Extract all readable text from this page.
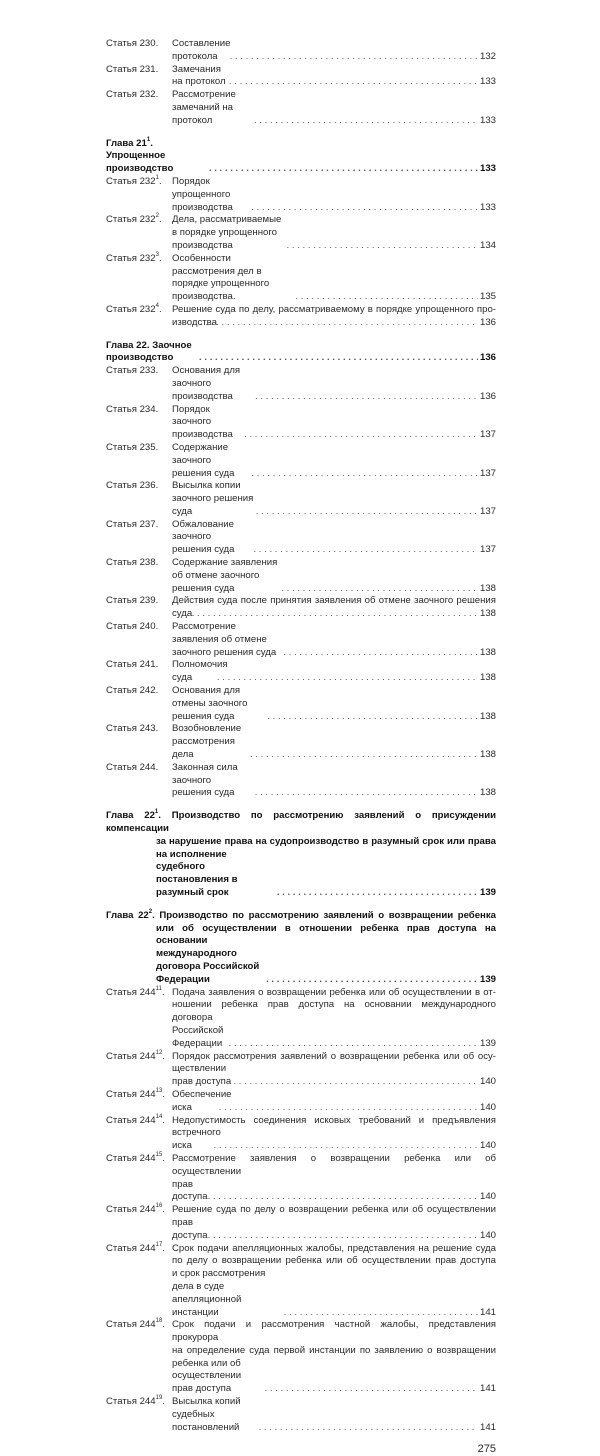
Статья 230.	Составление протокола . . .	132
Статья 231.	Замечания на протокол . . .	133
Статья 232.	Рассмотрение замечаний на протокол . . .	133
Глава $21^1$. Упрощенное производство . . .	133
Статья $232^1$.	Порядок упрощенного производства . . .	133
Статья $232^2$.	Дела, рассматриваемые в порядке упрощенного производства . . .	134
Статья $232^3$.	Особенности рассмотрения дел в порядке упрощенного производства. . . .	135
Статья $232^4$.	Решение суда по делу, рассматриваемому в порядке упрощенного про-
изводства . . .	136
Глава 22. Заочное производство . . .	136
Статья 233.	Основания для заочного производства . . .	136
Статья 234.	Порядок заочного производства . . .	137
Статья 235.	Содержание заочного решения суда . . .	137
Статья 236.	Высылка копии заочного решения суда . . .	137
Статья 237.	Обжалование заочного решения суда . . .	137
Статья 238.	Содержание заявления об отмене заочного решения суда . . .	138
Статья 239.	Действия суда после принятия заявления об отмене заочного решения
суда . . .	138
Статья 240.	Рассмотрение заявления об отмене заочного решения суда . . .	138
Статья 241.	Полномочия суда . . .	138
Статья 242.	Основания для отмены заочного решения суда . . .	138
Статья 243.	Возобновление рассмотрения дела . . .	138
Статья 244.	Законная сила заочного решения суда . . .	138
Глава $22^1$. Производство по рассмотрению заявлений о присуждении компенсации
за нарушение права на судопроизводство в разумный срок или права
на исполнение судебного постановления в разумный срок . . .	139
Глава $22^2$. Производство по рассмотрению заявлений о возвращении ребенка
или об осуществлении в отношении ребенка прав доступа на основании
международного договора Российской Федерации . . .	139
Статья $244^{11}$. Подача заявления о возвращении ребенка или об осуществлении в от-
ношении ребенка прав доступа на основании международного договора
Российской Федерации . . .	139
Статья $244^{12}$. Порядок рассмотрения заявлений о возвращении ребенка или об осу-
ществлении прав доступа . . .	140
Статья $244^{13}$. Обеспечение иска . . .	140
Статья $244^{14}$. Недопустимость соединения исковых требований и предъявления
встречного иска . . .	140
Статья $244^{15}$. Рассмотрение заявления о возвращении ребенка или об осуществлении
прав доступа . . .	140
Статья $244^{16}$. Решение суда по делу о возвращении ребенка или об осуществлении
прав доступа . . .	140
Статья $244^{17}$. Срок подачи апелляционных жалобы, представления на решение суда
по делу о возвращении ребенка или об осуществлении прав доступа
и срок рассмотрения дела в суде апелляционной инстанции . . .	141
Статья $244^{18}$. Срок подачи и рассмотрения частной жалобы, представления прокурора
на определение суда первой инстанции по заявлению о возвращении
ребенка или об осуществлении прав доступа . . .	141
Статья $244^{19}$. Высылка копий судебных постановлений . . .	141
275
